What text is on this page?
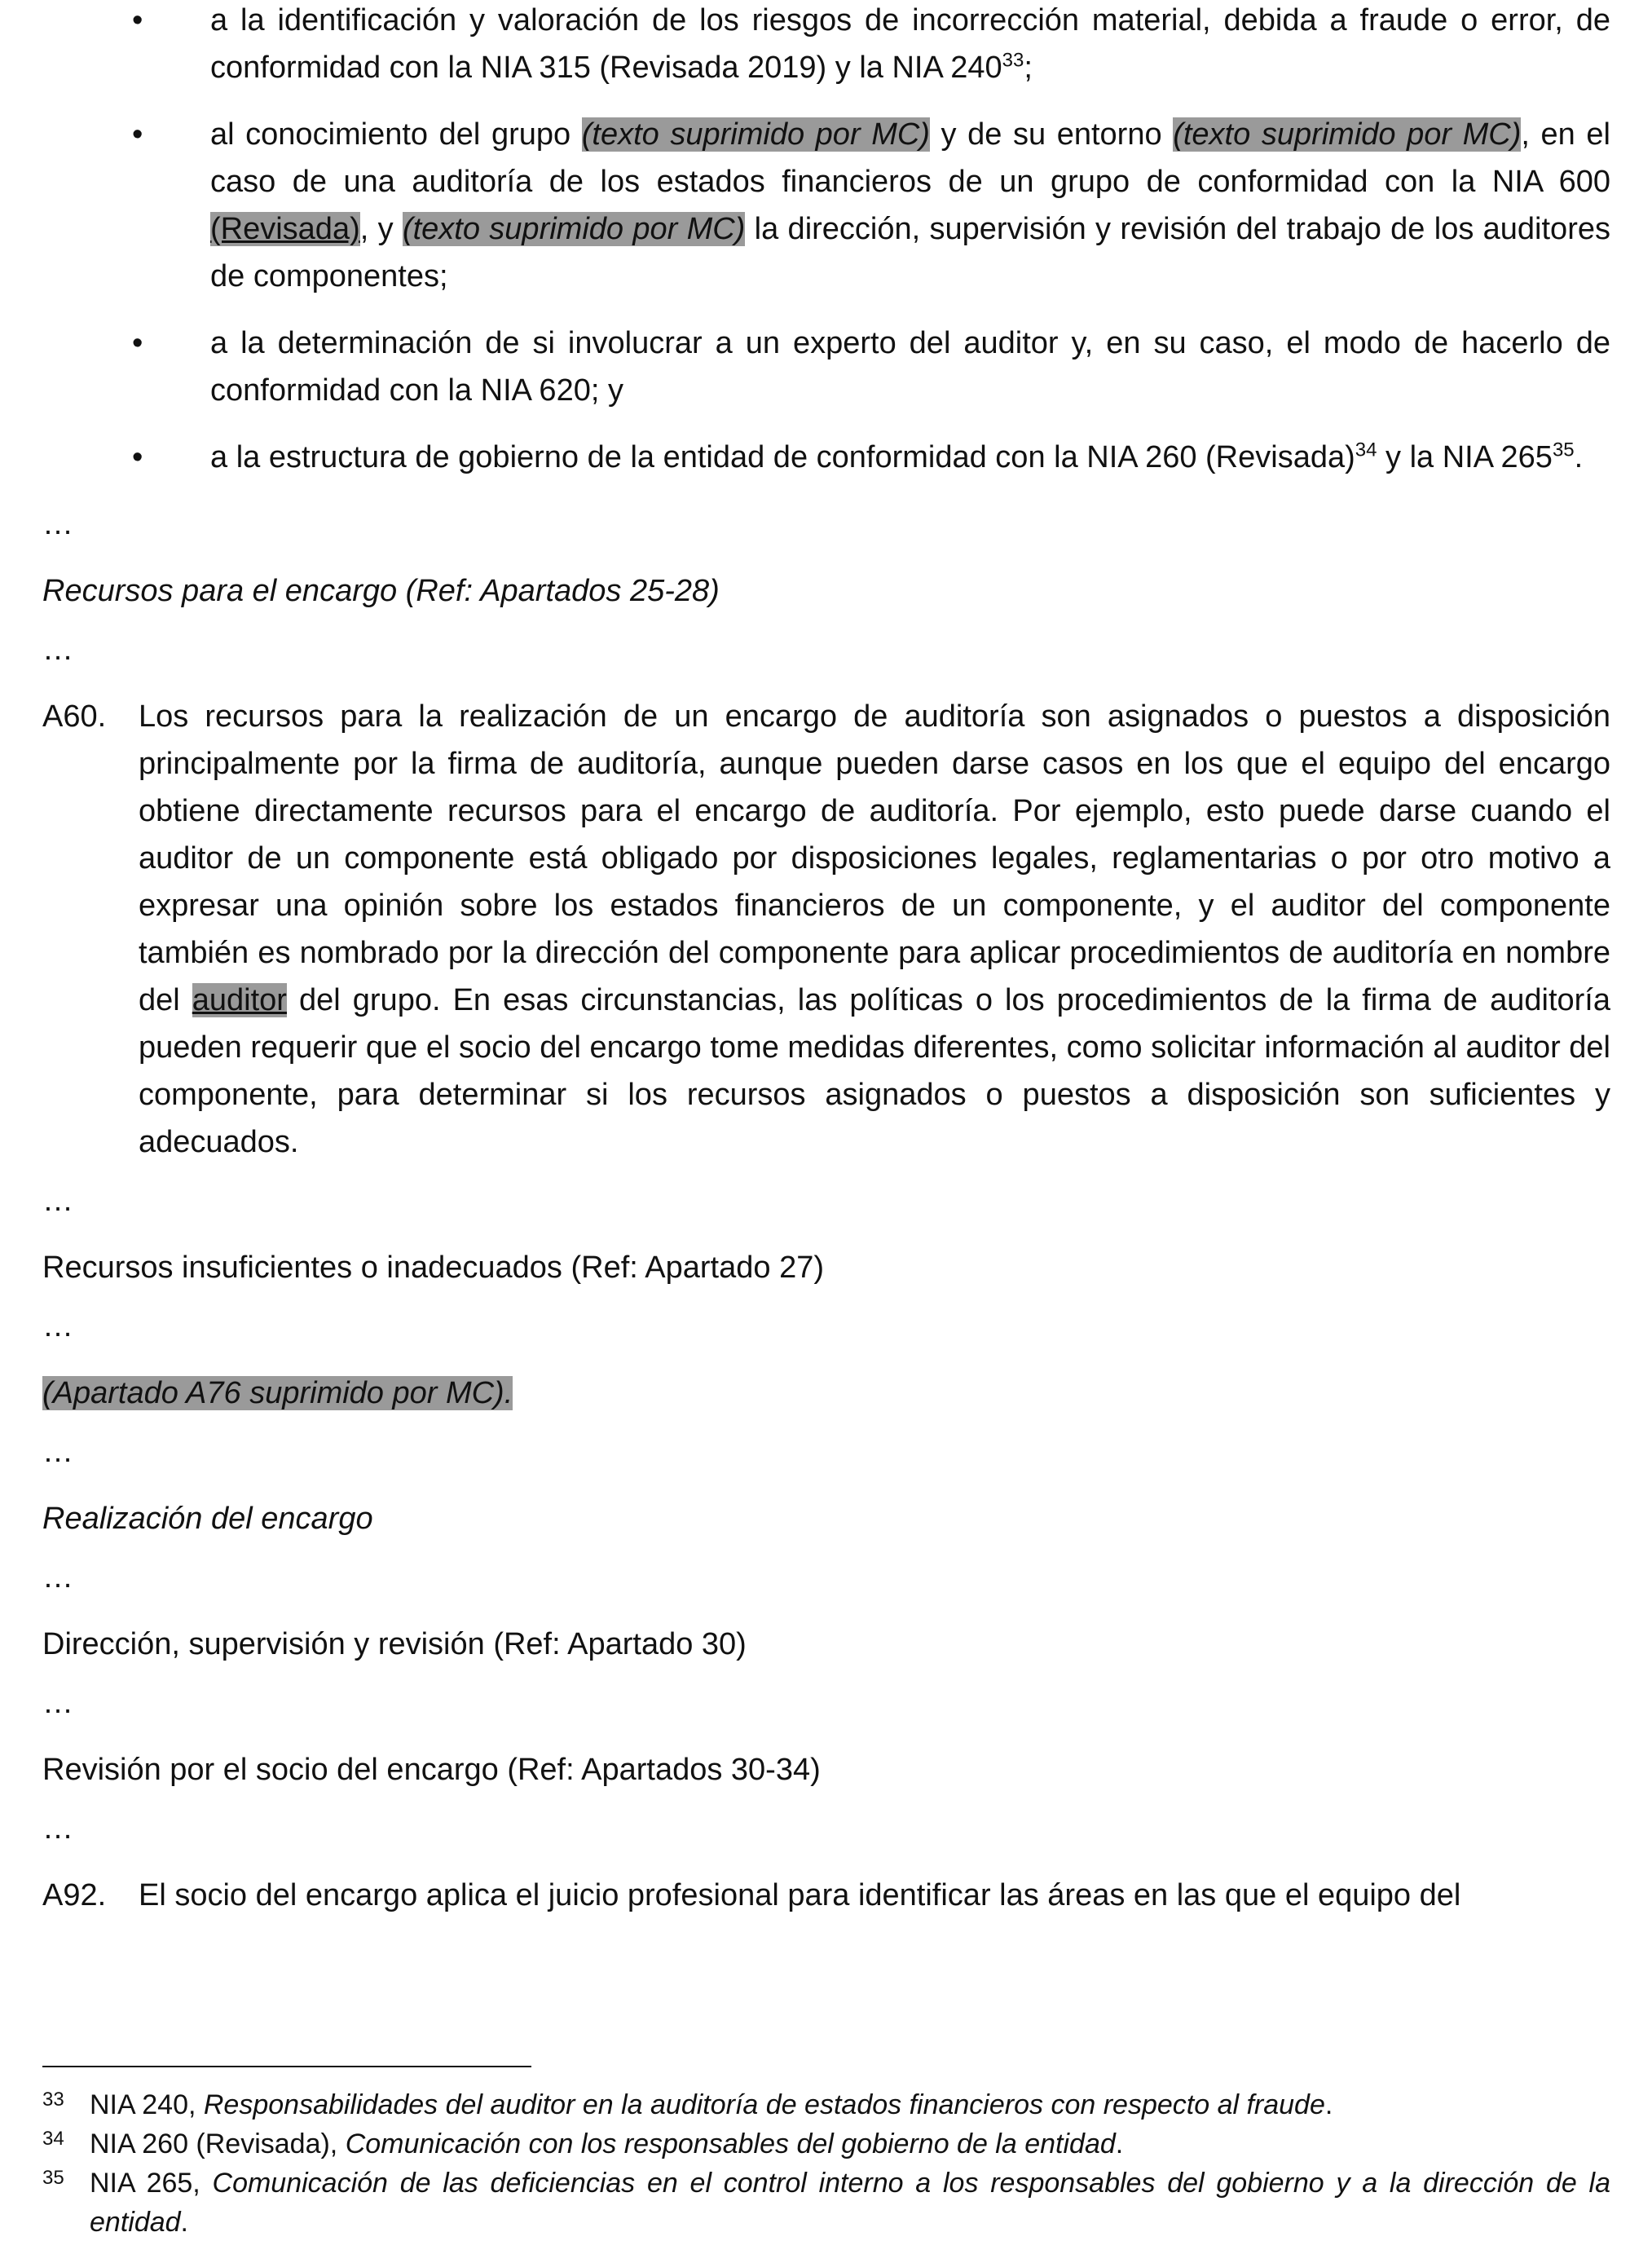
• a la identificación y valoración de los riesgos de incorrección material, debida a fraude o error, de conformidad con la NIA 315 (Revisada 2019) y la NIA $240^{33}$;

• al conocimiento del grupo (texto suprimido por MC) y de su entorno (texto suprimido por MC), en el caso de una auditoría de los estados financieros de un grupo de conformidad con la NIA 600 (Revisada), y (texto suprimido por MC) la dirección, supervisión y revisión del trabajo de los auditores de componentes;

• a la determinación de si involucrar a un experto del auditor y, en su caso, el modo de hacerlo de conformidad con la NIA 620; y

• a la estructura de gobierno de la entidad de conformidad con la NIA 260 (Revisada)$^{34}$ y la NIA $265^{35}$.

…

Recursos para el encargo (Ref: Apartados 25-28)

…

A60. Los recursos para la realización de un encargo de auditoría son asignados o puestos a disposición principalmente por la firma de auditoría, aunque pueden darse casos en los que el equipo del encargo obtiene directamente recursos para el encargo de auditoría. Por ejemplo, esto puede darse cuando el auditor de un componente está obligado por disposiciones legales, reglamentarias o por otro motivo a expresar una opinión sobre los estados financieros de un componente, y el auditor del componente también es nombrado por la dirección del componente para aplicar procedimientos de auditoría en nombre del auditor del grupo. En esas circunstancias, las políticas o los procedimientos de la firma de auditoría pueden requerir que el socio del encargo tome medidas diferentes, como solicitar información al auditor del componente, para determinar si los recursos asignados o puestos a disposición son suficientes y adecuados.

…

Recursos insuficientes o inadecuados (Ref: Apartado 27)

…

(Apartado A76 suprimido por MC).

…

Realización del encargo

…

Dirección, supervisión y revisión (Ref: Apartado 30)

…

Revisión por el socio del encargo (Ref: Apartados 30-34)

…

A92. El socio del encargo aplica el juicio profesional para identificar las áreas en las que el equipo del

33 NIA 240, Responsabilidades del auditor en la auditoría de estados financieros con respecto al fraude.

34 NIA 260 (Revisada), Comunicación con los responsables del gobierno de la entidad.

35 NIA 265, Comunicación de las deficiencias en el control interno a los responsables del gobierno y a la dirección de la entidad.
